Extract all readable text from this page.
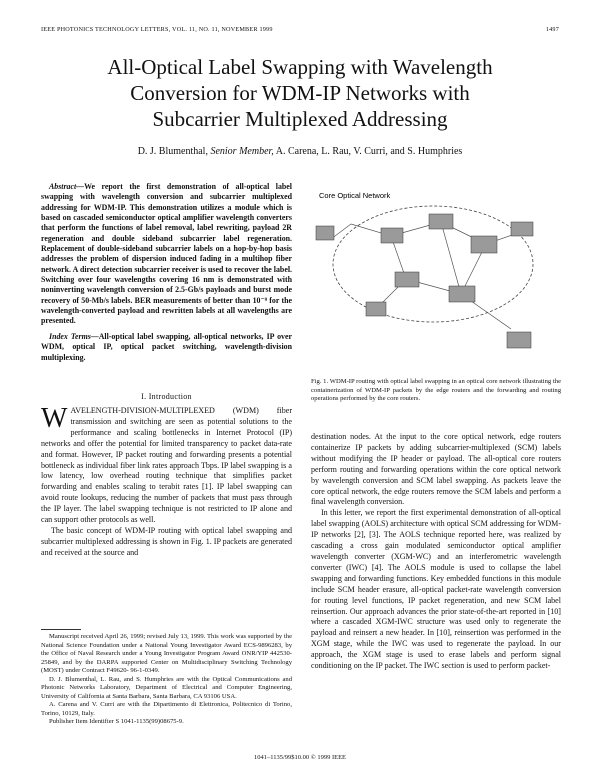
IEEE PHOTONICS TECHNOLOGY LETTERS, VOL. 11, NO. 11, NOVEMBER 1999	1497
All-Optical Label Swapping with Wavelength
Conversion for WDM-IP Networks with
Subcarrier Multiplexed Addressing
D. J. Blumenthal, Senior Member, A. Carena, L. Rau, V. Curri, and S. Humphries

Abstract—We report the first demonstration of all-optical label swapping with wavelength conversion and subcarrier multiplexed addressing for WDM-IP. This demonstration utilizes a module which is based on cascaded semiconductor optical amplifier wavelength converters that perform the functions of label removal, label rewriting, payload 2R regeneration and double sideband subcarrier label regeneration. Replacement of double-sideband subcarrier labels on a hop-by-hop basis addresses the problem of dispersion induced fading in a multihop fiber network. A direct detection subcarrier receiver is used to recover the label. Switching over four wavelengths covering 16 nm is demonstrated with noninverting wavelength conversion of 2.5-Gb/s payloads and burst mode recovery of 50-Mb/s labels. BER measurements of better than 10⁻⁹ for the wavelength-converted payload and rewritten labels at all wavelengths are presented.

Index Terms—All-optical label swapping, all-optical networks, IP over WDM, optical IP, optical packet switching, wavelength-division multiplexing.

I. Introduction

WAVELENGTH-DIVISION-MULTIPLEXED (WDM) fiber transmission and switching are seen as potential solutions to the performance and scaling bottlenecks in Internet Protocol (IP) networks and offer the potential for limited transparency to packet data-rate and format. However, IP packet routing and forwarding presents a potential bottleneck as individual fiber link rates approach Tbps. IP label swapping is a low latency, low overhead routing technique that simplifies packet forwarding and enables scaling to terabit rates [1]. IP label swapping can avoid route lookups, reducing the number of packets that must pass through the IP layer. The label swapping technique is not restricted to IP alone and can support other protocols as well.

The basic concept of WDM-IP routing with optical label swapping and subcarrier multiplexed addressing is shown in Fig. 1. IP packets are generated and received at the source and

Manuscript received April 26, 1999; revised July 13, 1999. This work was supported by the National Science Foundation under a National Young Investigator Award ECS-9896283, by the Office of Naval Research under a Young Investigator Program Award ONR/YIP 442530-25849, and by the DARPA supported Center on Multidisciplinary Switching Technology (MOST) under Contract F49620- 96-1-0349.

D. J. Blumenthal, L. Rau, and S. Humphries are with the Optical Communications and Photonic Networks Laboratory, Department of Electrical and Computer Engineering, University of California at Santa Barbara, Santa Barbara, CA 93106 USA.

A. Carena and V. Curri are with the Dipartimento di Elettronica, Politecnico di Torino, Torino, 10129, Italy.

Publisher Item Identifier S 1041-1135(99)08675-9.

Core Optical Network
Fig. 1. WDM-IP routing with optical label swapping in an optical core network illustrating the containerization of WDM-IP packets by the edge routers and the forwarding and routing operations performed by the core routers.

destination nodes. At the input to the core optical network, edge routers containerize IP packets by adding subcarrier-multiplexed (SCM) labels without modifying the IP header or payload. The all-optical core routers perform routing and forwarding operations within the core optical network by wavelength conversion and SCM label swapping. As packets leave the core optical network, the edge routers remove the SCM labels and perform a final wavelength conversion.

In this letter, we report the first experimental demonstration of all-optical label swapping (AOLS) architecture with optical SCM addressing for WDM-IP networks [2], [3]. The AOLS technique reported here, was realized by cascading a cross gain modulated semiconductor optical amplifier wavelength converter (XGM-WC) and an interferometric wavelength converter (IWC) [4]. The AOLS module is used to collapse the label swapping and forwarding functions. Key embedded functions in this module include SCM header erasure, all-optical packet-rate wavelength conversion for routing level functions, IP packet regeneration, and new SCM label reinsertion. Our approach advances the prior state-of-the-art reported in [10] where a cascaded XGM-IWC structure was used only to regenerate the payload and reinsert a new header. In [10], reinsertion was performed in the XGM stage, while the IWC was used to regenerate the payload. In our approach, the XGM stage is used to erase labels and perform signal conditioning on the IP packet. The IWC section is used to perform packet-

1041–1135/99$10.00 © 1999 IEEE
